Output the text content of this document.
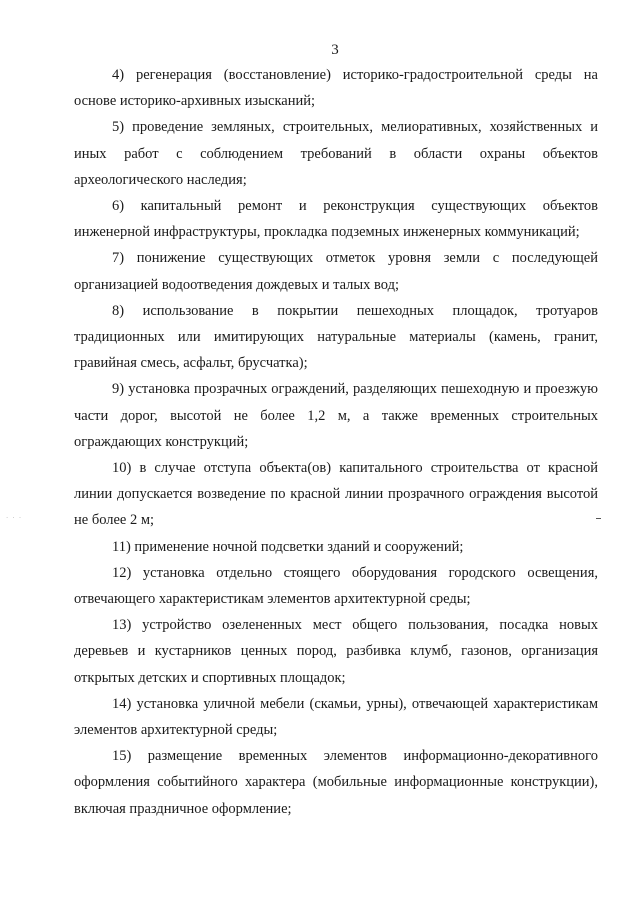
3
· · ·

4) регенерация (восстановление) историко-градостроительной среды на основе историко-архивных изысканий;

5) проведение земляных, строительных, мелиоративных, хозяйственных и иных работ с соблюдением требований в области охраны объектов археологического наследия;

6) капитальный ремонт и реконструкция существующих объектов инженерной инфраструктуры, прокладка подземных инженерных коммуникаций;

7) понижение существующих отметок уровня земли с последующей организацией водоотведения дождевых и талых вод;

8) использование в покрытии пешеходных площадок, тротуаров традиционных или имитирующих натуральные материалы (камень, гранит, гравийная смесь, асфальт, брусчатка);

9) установка прозрачных ограждений, разделяющих пешеходную и проезжую части дорог, высотой не более 1,2 м, а также временных строительных ограждающих конструкций;

10) в случае отступа объекта(ов) капитального строительства от красной линии допускается возведение по красной линии прозрачного ограждения высотой не более 2 м;

11) применение ночной подсветки зданий и сооружений;

12) установка отдельно стоящего оборудования городского освещения, отвечающего характеристикам элементов архитектурной среды;

13) устройство озелененных мест общего пользования, посадка новых деревьев и кустарников ценных пород, разбивка клумб, газонов, организация открытых детских и спортивных площадок;

14) установка уличной мебели (скамьи, урны), отвечающей характеристикам элементов архитектурной среды;

15) размещение временных элементов информационно-декоративного оформления событийного характера (мобильные информационные конструкции), включая праздничное оформление;
